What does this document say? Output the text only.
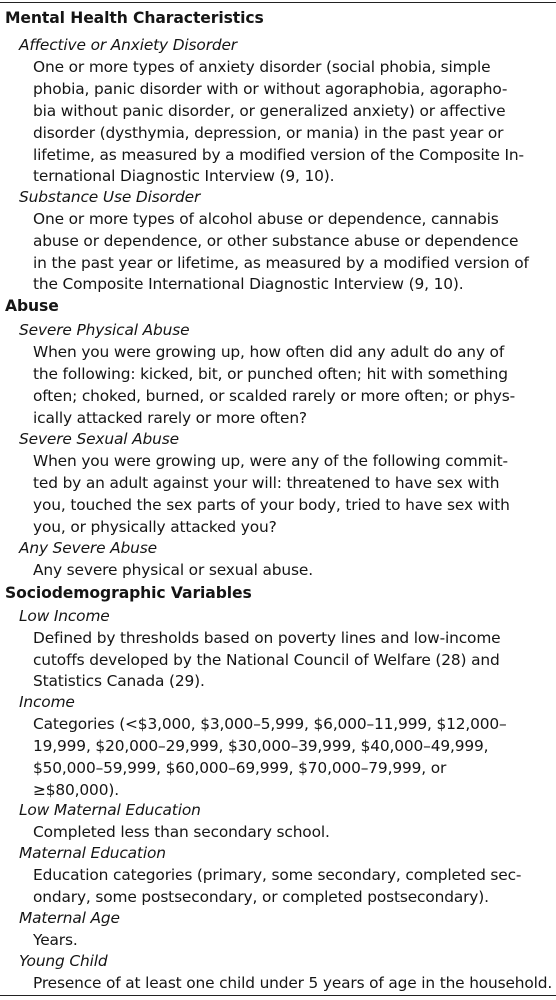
Mental Health Characteristics
Affective or Anxiety Disorder
One or more types of anxiety disorder (social phobia, simple
phobia, panic disorder with or without agoraphobia, agorapho-
bia without panic disorder, or generalized anxiety) or affective
disorder (dysthymia, depression, or mania) in the past year or
lifetime, as measured by a modified version of the Composite In-
ternational Diagnostic Interview (9, 10).
Substance Use Disorder
One or more types of alcohol abuse or dependence, cannabis
abuse or dependence, or other substance abuse or dependence
in the past year or lifetime, as measured by a modified version of
the Composite International Diagnostic Interview (9, 10).
Abuse
Severe Physical Abuse
When you were growing up, how often did any adult do any of
the following: kicked, bit, or punched often; hit with something
often; choked, burned, or scalded rarely or more often; or phys-
ically attacked rarely or more often?
Severe Sexual Abuse
When you were growing up, were any of the following commit-
ted by an adult against your will: threatened to have sex with
you, touched the sex parts of your body, tried to have sex with
you, or physically attacked you?
Any Severe Abuse
Any severe physical or sexual abuse.
Sociodemographic Variables
Low Income
Defined by thresholds based on poverty lines and low-income
cutoffs developed by the National Council of Welfare (28) and
Statistics Canada (29).
Income
Categories (<$3,000, $3,000–5,999, $6,000–11,999, $12,000–
19,999, $20,000–29,999, $30,000–39,999, $40,000–49,999,
$50,000–59,999, $60,000–69,999, $70,000–79,999, or
≥$80,000).
Low Maternal Education
Completed less than secondary school.
Maternal Education
Education categories (primary, some secondary, completed sec-
ondary, some postsecondary, or completed postsecondary).
Maternal Age
Years.
Young Child
Presence of at least one child under 5 years of age in the household.
